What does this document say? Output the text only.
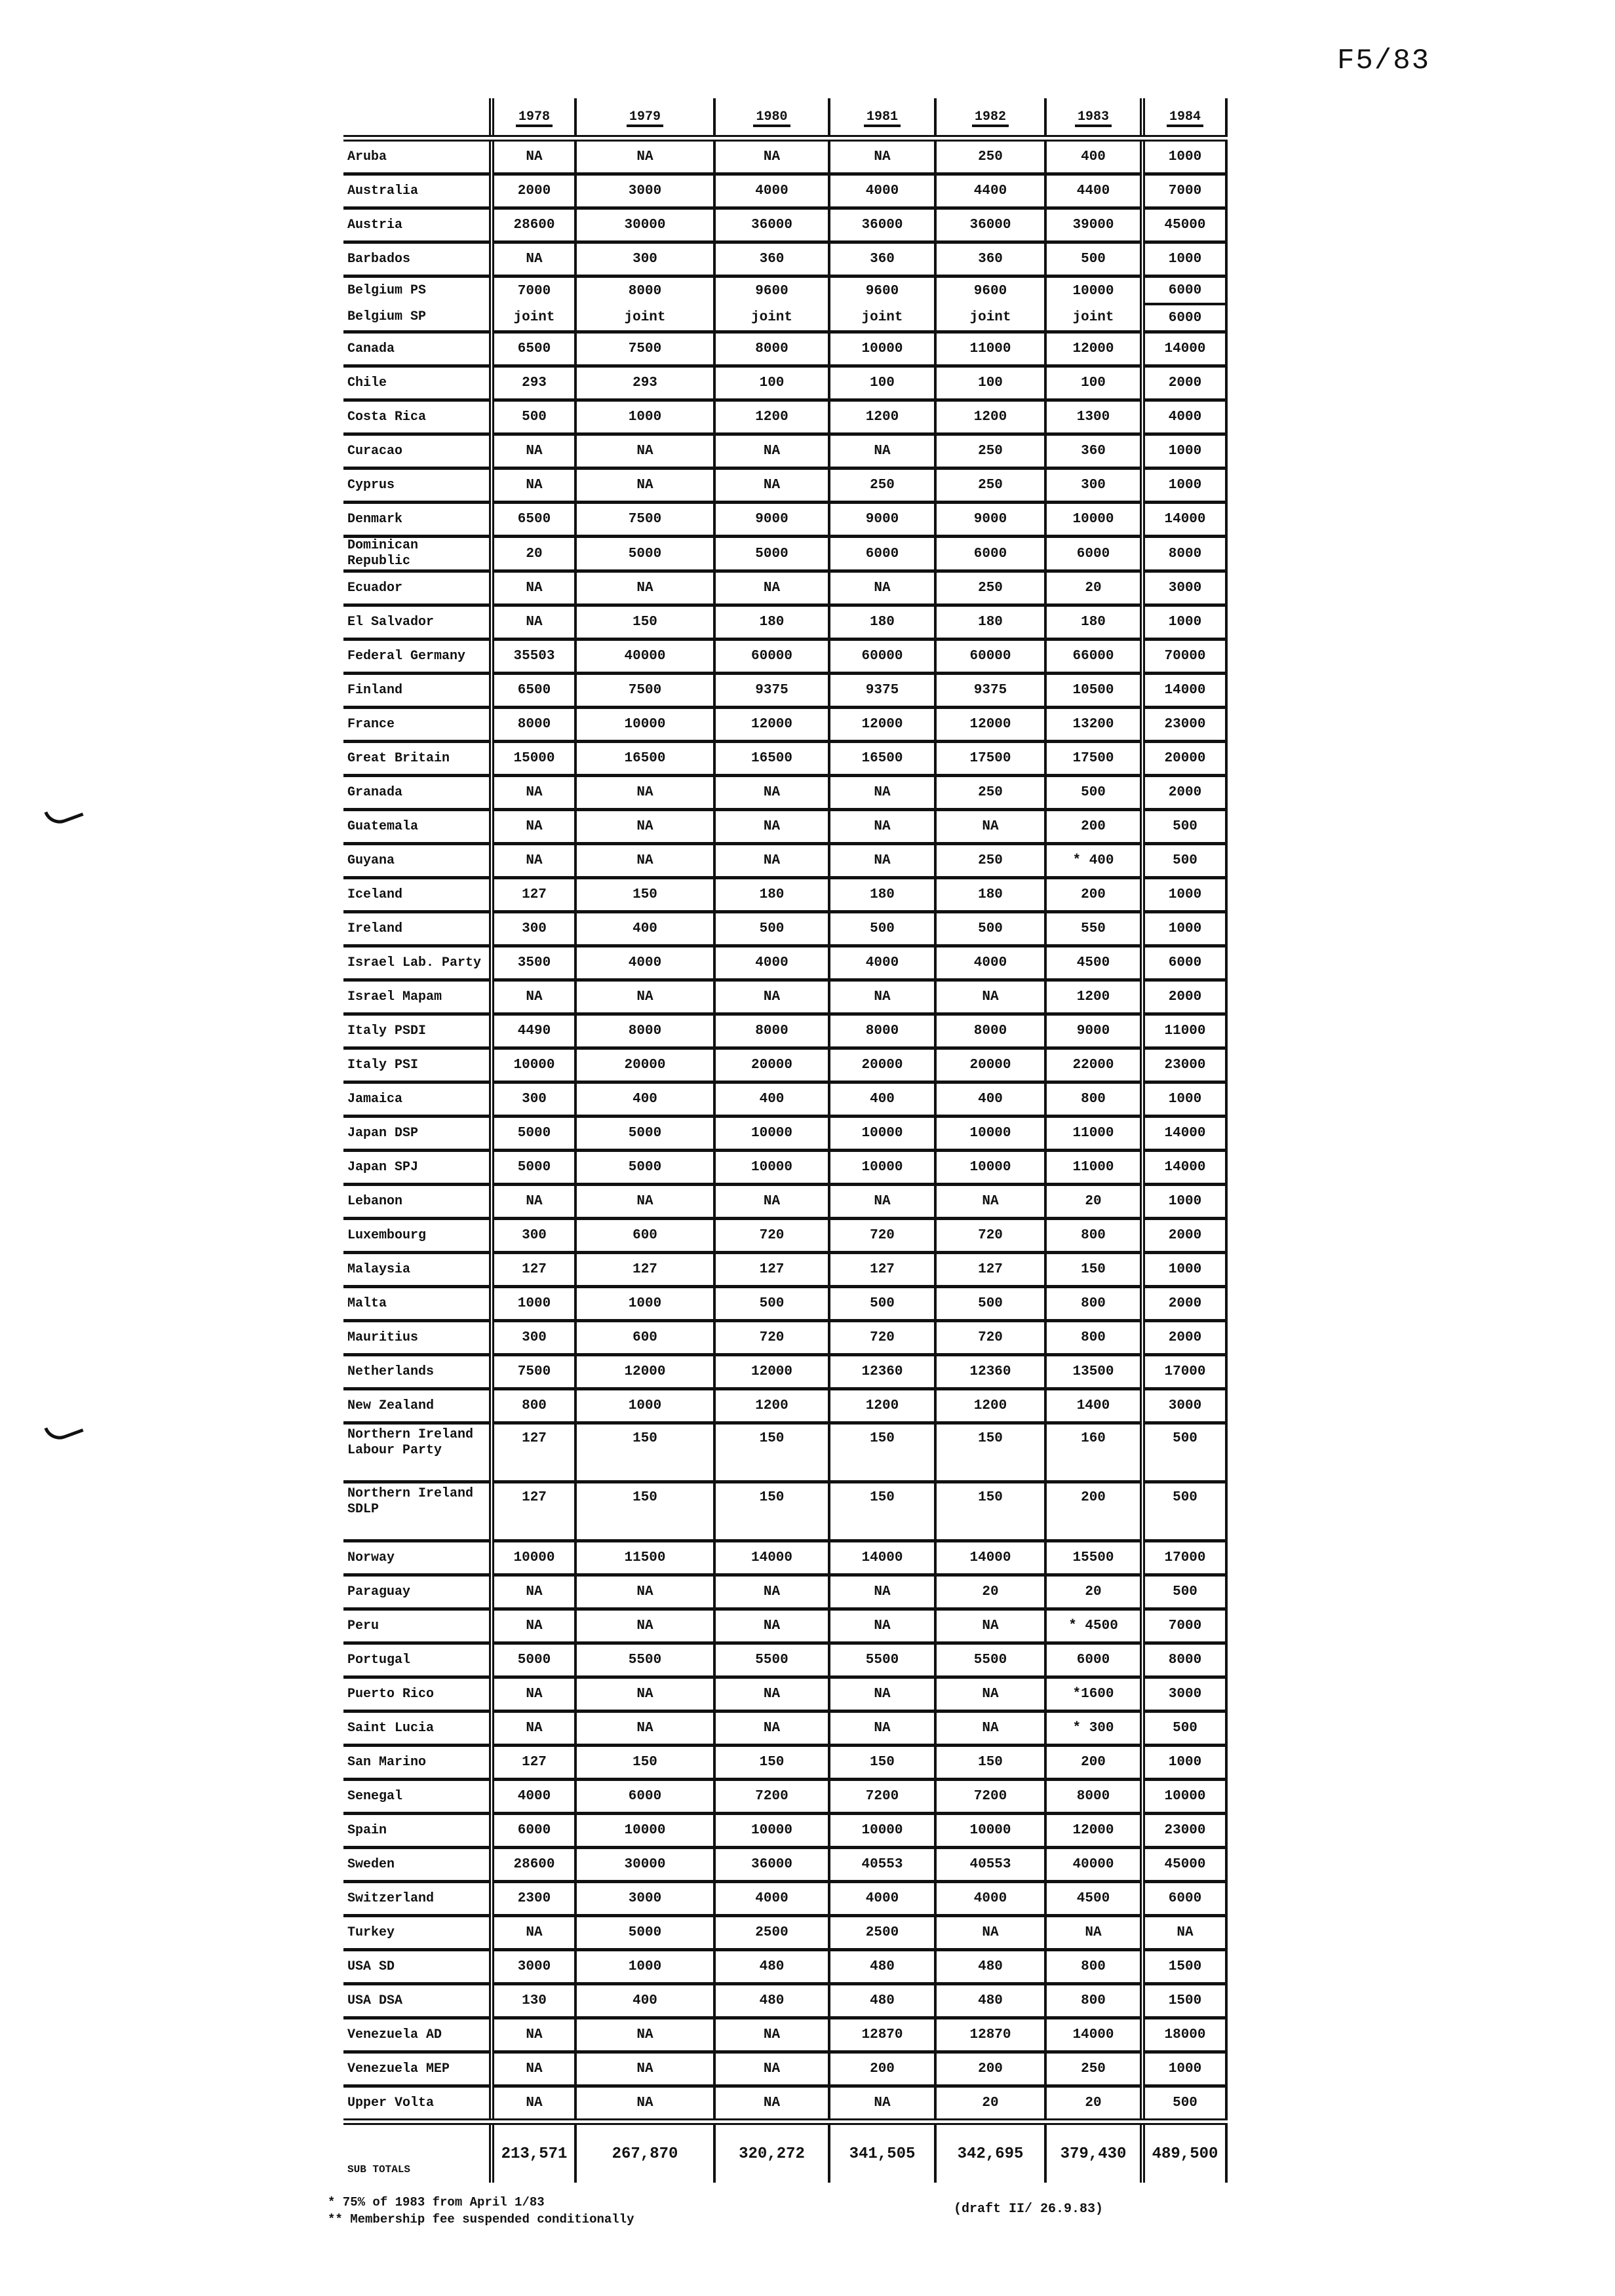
F5/83
	1978	1979	1980	1981	1982	1983	1984
Aruba	NA	NA	NA	NA	250	400	1000
Australia	2000	3000	4000	4000	4400	4400	7000
Austria	28600	30000	36000	36000	36000	39000	45000
Barbados	NA	300	360	360	360	500	1000
Belgium PS	7000	8000	9600	9600	9600	10000	6000
Belgium SP	joint	joint	joint	joint	joint	joint	6000
Canada	6500	7500	8000	10000	11000	12000	14000
Chile	293	293	100	100	100	100	2000
Costa Rica	500	1000	1200	1200	1200	1300	4000
Curacao	NA	NA	NA	NA	250	360	1000
Cyprus	NA	NA	NA	250	250	300	1000
Denmark	6500	7500	9000	9000	9000	10000	14000
Dominican Republic	20	5000	5000	6000	6000	6000	8000
Ecuador	NA	NA	NA	NA	250	20	3000
El Salvador	NA	150	180	180	180	180	1000
Federal Germany	35503	40000	60000	60000	60000	66000	70000
Finland	6500	7500	9375	9375	9375	10500	14000
France	8000	10000	12000	12000	12000	13200	23000
Great Britain	15000	16500	16500	16500	17500	17500	20000
Granada	NA	NA	NA	NA	250	500	2000
Guatemala	NA	NA	NA	NA	NA	200	500
Guyana	NA	NA	NA	NA	250	* 400	500
Iceland	127	150	180	180	180	200	1000
Ireland	300	400	500	500	500	550	1000
Israel Lab. Party	3500	4000	4000	4000	4000	4500	6000
Israel Mapam	NA	NA	NA	NA	NA	1200	2000
Italy PSDI	4490	8000	8000	8000	8000	9000	11000
Italy PSI	10000	20000	20000	20000	20000	22000	23000
Jamaica	300	400	400	400	400	800	1000
Japan DSP	5000	5000	10000	10000	10000	11000	14000
Japan SPJ	5000	5000	10000	10000	10000	11000	14000
Lebanon	NA	NA	NA	NA	NA	20	1000
Luxembourg	300	600	720	720	720	800	2000
Malaysia	127	127	127	127	127	150	1000
Malta	1000	1000	500	500	500	800	2000
Mauritius	300	600	720	720	720	800	2000
Netherlands	7500	12000	12000	12360	12360	13500	17000
New Zealand	800	1000	1200	1200	1200	1400	3000
Northern Ireland
Labour Party	127	150	150	150	150	160	500
Northern Ireland
SDLP	127	150	150	150	150	200	500
Norway	10000	11500	14000	14000	14000	15500	17000
Paraguay	NA	NA	NA	NA	20	20	500
Peru	NA	NA	NA	NA	NA	* 4500	7000
Portugal	5000	5500	5500	5500	5500	6000	8000
Puerto Rico	NA	NA	NA	NA	NA	*1600	3000
Saint Lucia	NA	NA	NA	NA	NA	* 300	500
San Marino	127	150	150	150	150	200	1000
Senegal	4000	6000	7200	7200	7200	8000	10000
Spain	6000	10000	10000	10000	10000	12000	23000
Sweden	28600	30000	36000	40553	40553	40000	45000
Switzerland	2300	3000	4000	4000	4000	4500	6000
Turkey	NA	5000	2500	2500	NA	NA	NA
USA SD	3000	1000	480	480	480	800	1500
USA DSA	130	400	480	480	480	800	1500
Venezuela AD	NA	NA	NA	12870	12870	14000	18000
Venezuela MEP	NA	NA	NA	200	200	250	1000
Upper Volta	NA	NA	NA	NA	20	20	500
SUB TOTALS	213,571	267,870	320,272	341,505	342,695	379,430	489,500
* 75% of 1983 from April 1/83
** Membership fee suspended conditionally
(draft II/ 26.9.83)
